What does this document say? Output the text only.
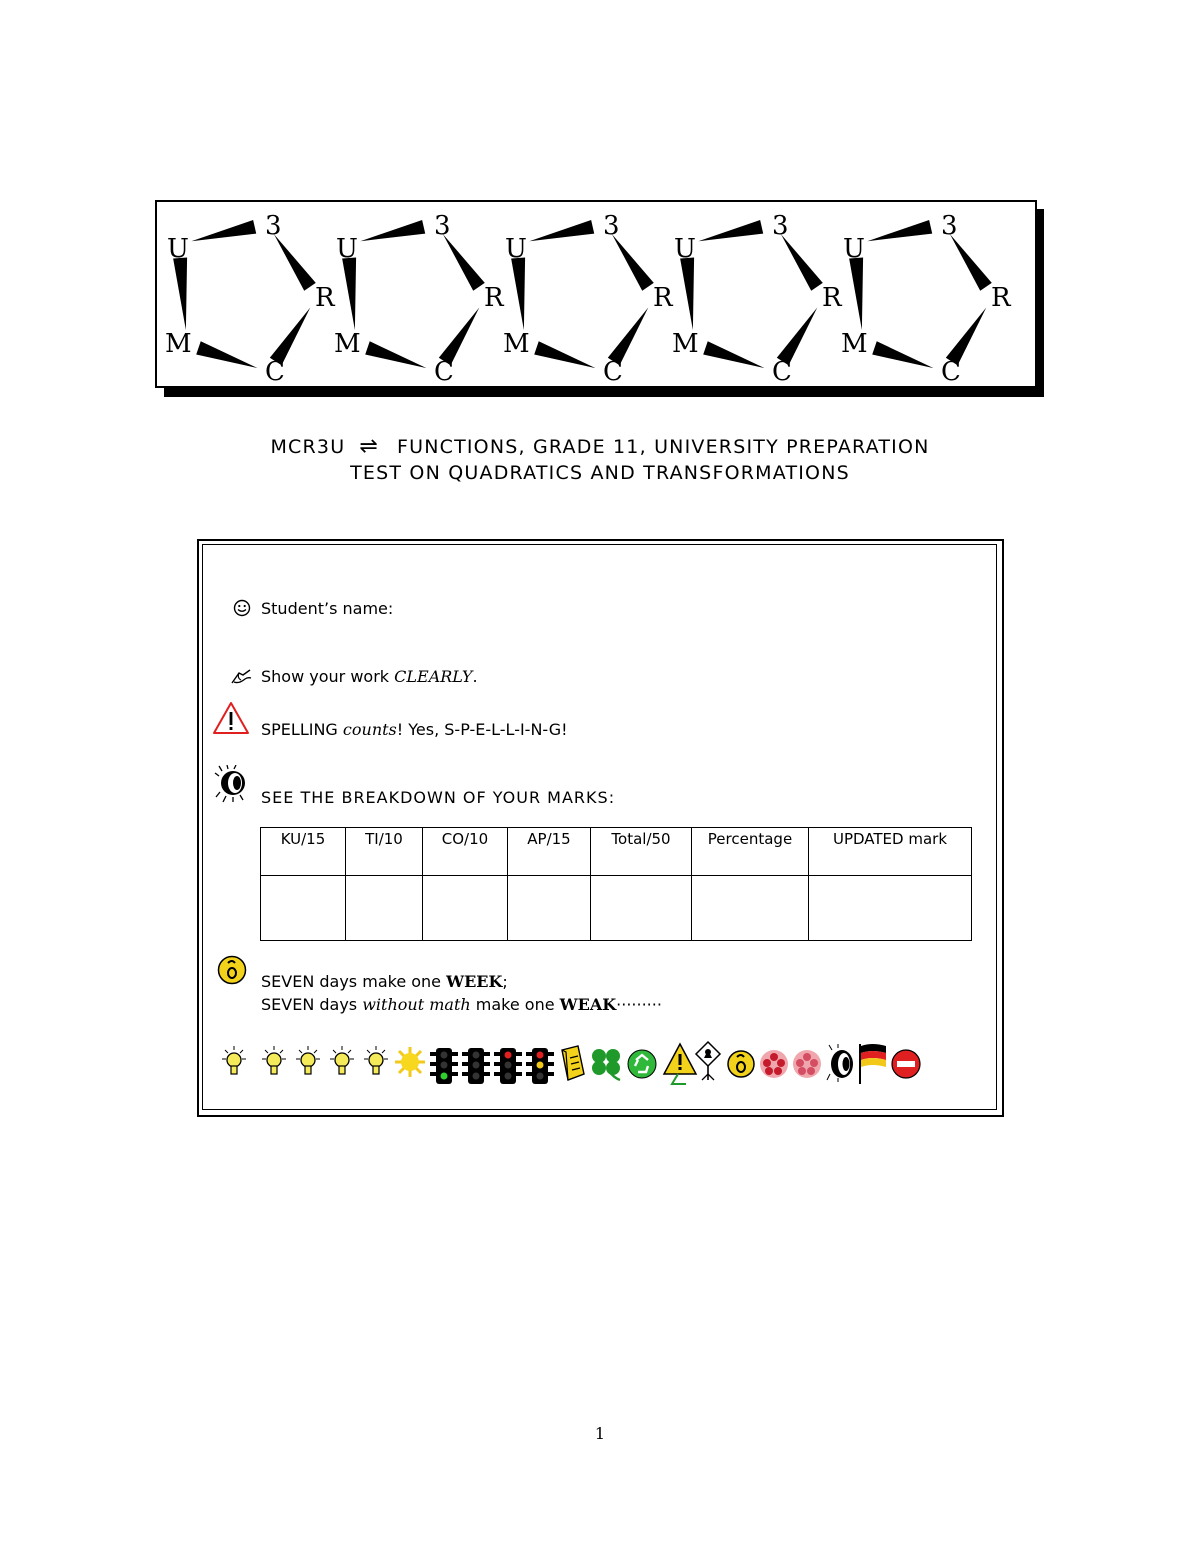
3
R
C
M
U
3
R
C
M
U
3
R
C
M
U
3
R
C
M
U
3
R
C
M
U
MCR3U ⇌ FUNCTIONS, GRADE 11, UNIVERSITY PREPARATION
TEST ON QUADRATICS AND TRANSFORMATIONS
Student’s name:
Show your work CLEARLY.
SPELLING counts! Yes, S-P-E-L-L-I-N-G!
SEE THE BREAKDOWN OF YOUR MARKS:
KU/15	TI/10	CO/10	AP/15	Total/50	Percentage	UPDATED mark

SEVEN days make one WEEK;
SEVEN days without math make one WEAK·········
1
